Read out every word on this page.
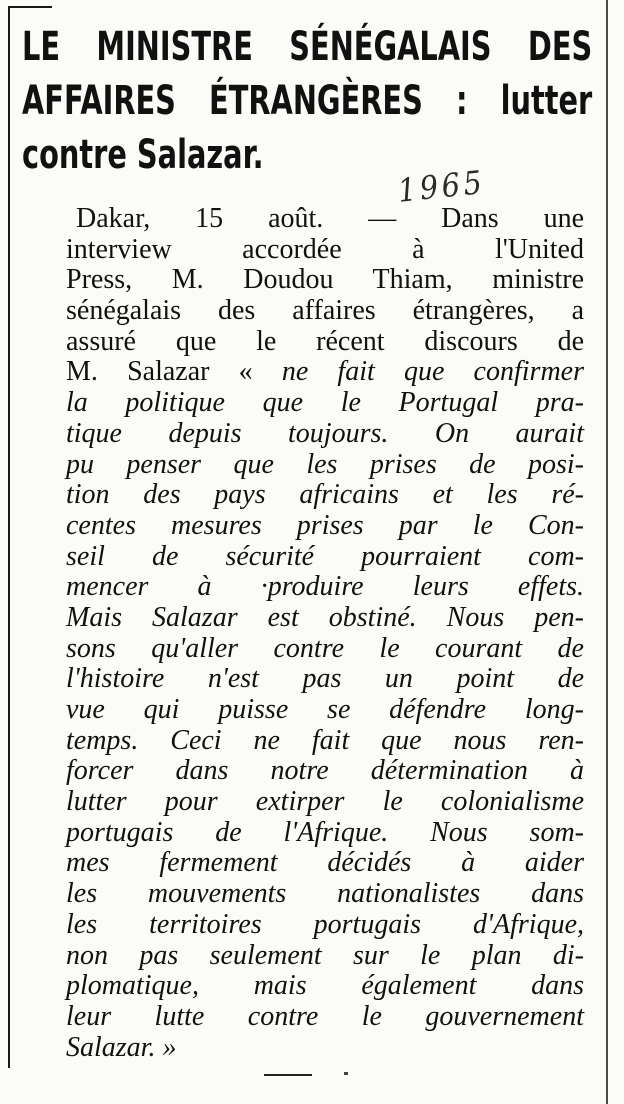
LE MINISTRE SÉNÉGALAIS DES
AFFAIRES ÉTRANGÈRES : lutter
contre Salazar.
1965
Dakar, 15 août. — Dans une
interview accordée à l'United
Press, M. Doudou Thiam, ministre
sénégalais des affaires étrangères, a
assuré que le récent discours de
M. Salazar « ne fait que confirmer
la politique que le Portugal pra-
tique depuis toujours. On aurait
pu penser que les prises de posi-
tion des pays africains et les ré-
centes mesures prises par le Con-
seil de sécurité pourraient com-
mencer à ·produire leurs effets.
Mais Salazar est obstiné. Nous pen-
sons qu'aller contre le courant de
l'histoire n'est pas un point de
vue qui puisse se défendre long-
temps. Ceci ne fait que nous ren-
forcer dans notre détermination à
lutter pour extirper le colonialisme
portugais de l'Afrique. Nous som-
mes fermement décidés à aider
les mouvements nationalistes dans
les territoires portugais d'Afrique,
non pas seulement sur le plan di-
plomatique, mais également dans
leur lutte contre le gouvernement
Salazar. »
